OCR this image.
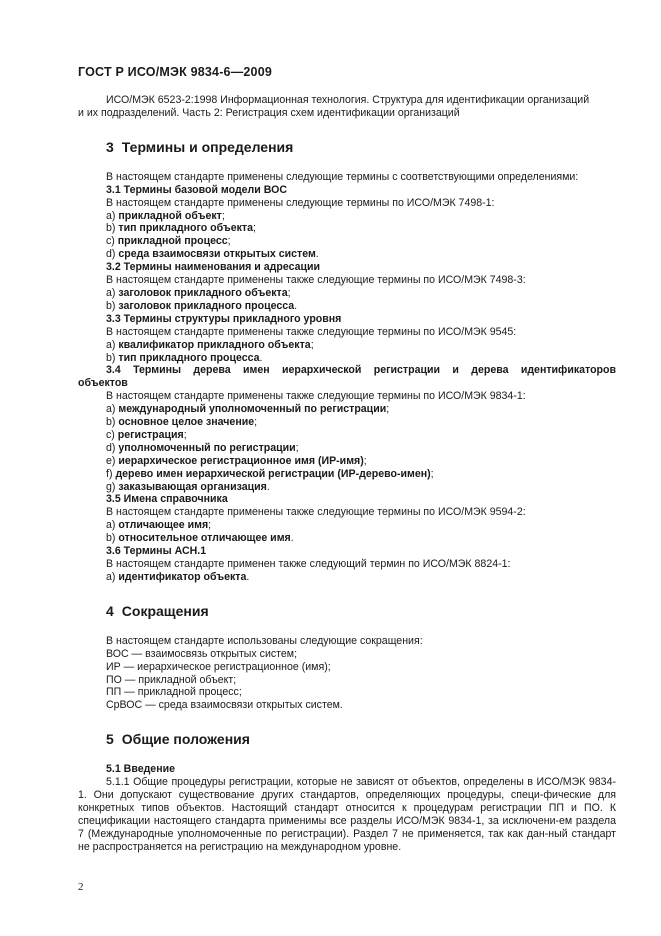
ГОСТ Р ИСО/МЭК 9834-6—2009

ИСО/МЭК 6523-2:1998 Информационная технология. Структура для идентификации организаций

и их подразделений. Часть 2: Регистрация схем идентификации организаций

3 Термины и определения

В настоящем стандарте применены следующие термины с соответствующими определениями:

3.1 Термины базовой модели ВОС

В настоящем стандарте применены следующие термины по ИСО/МЭК 7498-1:

a) прикладной объект;
b) тип прикладного объекта;
c) прикладной процесс;
d) среда взаимосвязи открытых систем.
3.2 Термины наименования и адресации

В настоящем стандарте применены также следующие термины по ИСО/МЭК 7498-3:

a) заголовок прикладного объекта;
b) заголовок прикладного процесса.
3.3 Термины структуры прикладного уровня

В настоящем стандарте применены также следующие термины по ИСО/МЭК 9545:

a) квалификатор прикладного объекта;
b) тип прикладного процесса.
3.4 Термины дерева имен иерархической регистрации и дерева идентификаторов
объектов

В настоящем стандарте применены также следующие термины по ИСО/МЭК 9834-1:

a) международный уполномоченный по регистрации;
b) основное целое значение;
c) регистрация;
d) уполномоченный по регистрации;
e) иерархическое регистрационное имя (ИР-имя);
f) дерево имен иерархической регистрации (ИР-дерево-имен);
g) заказывающая организация.
3.5 Имена справочника

В настоящем стандарте применены также следующие термины по ИСО/МЭК 9594-2:

a) отличающее имя;
b) относительное отличающее имя.
3.6 Термины АСН.1

В настоящем стандарте применен также следующий термин по ИСО/МЭК 8824-1:

a) идентификатор объекта.
4 Сокращения

В настоящем стандарте использованы следующие сокращения:

ВОС — взаимосвязь открытых систем;
ИР — иерархическое регистрационное (имя);
ПО — прикладной объект;
ПП — прикладной процесс;
СрВОС — среда взаимосвязи открытых систем.
5 Общие положения
5.1 Введение

5.1.1 Общие процедуры регистрации, которые не зависят от объектов, определены в ИСО/МЭК 9834-1. Они допускают существование других стандартов, определяющих процедуры, специ-фические для конкретных типов объектов. Настоящий стандарт относится к процедурам регистрации ПП и ПО. К спецификации настоящего стандарта применимы все разделы ИСО/МЭК 9834-1, за исключени-ем раздела 7 (Международные уполномоченные по регистрации). Раздел 7 не применяется, так как дан-ный стандарт не распространяется на регистрацию на международном уровне.

2
